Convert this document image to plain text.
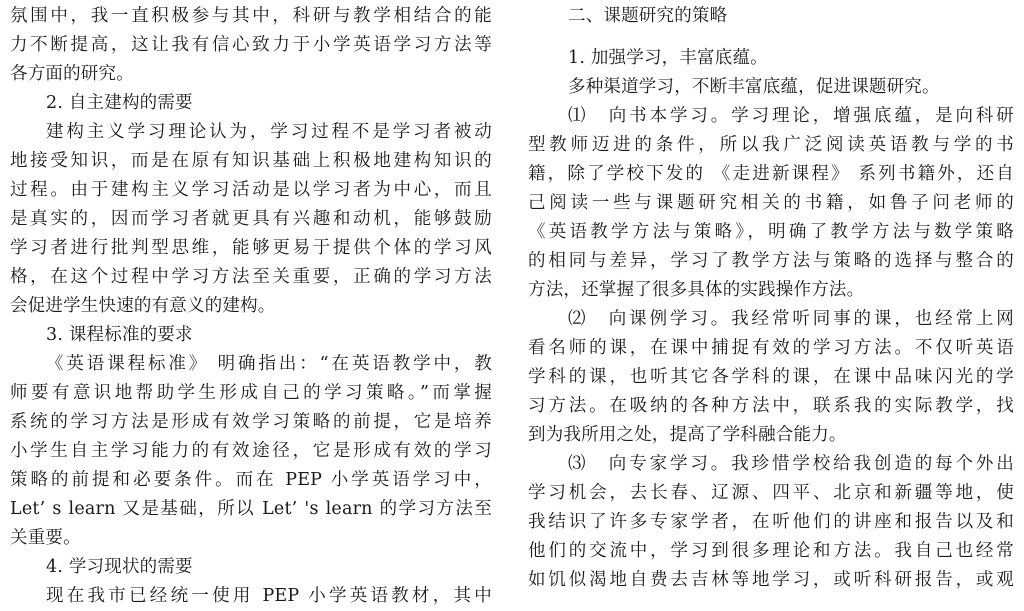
氛围中，我一直积极参与其中，科研与教学相结合的能
力不断提高，这让我有信心致力于小学英语学习方法等
各方面的研究。
2. 自主建构的需要
建构主义学习理论认为，学习过程不是学习者被动
地接受知识，而是在原有知识基础上积极地建构知识的
过程。由于建构主义学习活动是以学习者为中心，而且
是真实的，因而学习者就更具有兴趣和动机，能够鼓励
学习者进行批判型思维，能够更易于提供个体的学习风
格，在这个过程中学习方法至关重要，正确的学习方法
会促进学生快速的有意义的建构。
3. 课程标准的要求
《英语课程标准》 明确指出：“在英语教学中，教
师要有意识地帮助学生形成自己的学习策略。”而掌握
系统的学习方法是形成有效学习策略的前提，它是培养
小学生自主学习能力的有效途径，它是形成有效的学习
策略的前提和必要条件。而在 PEP 小学英语学习中，
Let’ s learn 又是基础，所以 Let’ 's learn 的学习方法至
关重要。
4. 学习现状的需要
现在我市已经统一使用 PEP 小学英语教材，其中
二、课题研究的策略
1. 加强学习，丰富底蕴。
多种渠道学习，不断丰富底蕴，促进课题研究。
⑴　向书本学习。学习理论，增强底蕴，是向科研
型教师迈进的条件，所以我广泛阅读英语教与学的书
籍，除了学校下发的 《走进新课程》 系列书籍外，还自
己阅读一些与课题研究相关的书籍，如鲁子问老师的
《英语教学方法与策略》，明确了教学方法与数学策略
的相同与差异，学习了教学方法与策略的选择与整合的
方法，还掌握了很多具体的实践操作方法。
⑵　向课例学习。我经常听同事的课，也经常上网
看名师的课，在课中捕捉有效的学习方法。不仅听英语
学科的课，也听其它各学科的课，在课中品味闪光的学
习方法。在吸纳的各种方法中，联系我的实际教学，找
到为我所用之处，提高了学科融合能力。
⑶　向专家学习。我珍惜学校给我创造的每个外出
学习机会，去长春、辽源、四平、北京和新疆等地，使
我结识了许多专家学者，在听他们的讲座和报告以及和
他们的交流中，学习到很多理论和方法。我自己也经常
如饥似渴地自费去吉林等地学习，或听科研报告，或观
